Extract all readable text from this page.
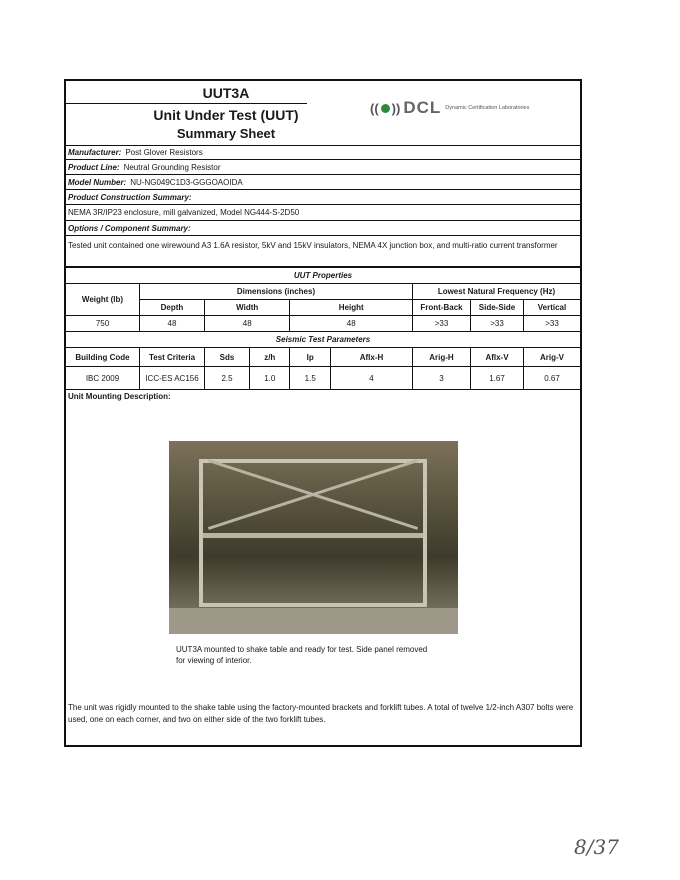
UUT3A
Unit Under Test (UUT)
Summary Sheet
(( )) DCL Dynamic Certification Laboratories
Manufacturer: Post Glover Resistors
Product Line: Neutral Grounding Resistor
Model Number: NU-NG049C1D3-GGGOAOIDA
Product Construction Summary:
NEMA 3R/IP23 enclosure, mill galvanized, Model NG444-S-2D50
Options / Component Summary:
Tested unit contained one wirewound A3 1.6A resistor, 5kV and 15kV insulators, NEMA 4X junction box, and multi-ratio current transformer
UUT Properties								
Weight (lb)	Dimensions (inches)					Lowest Natural Frequency (Hz)		
	Depth	Width		Height		Front-Back	Side-Side	Vertical
750	48	48		48		>33	>33	>33
Seismic Test Parameters								
Building Code	Test Criteria	Sds	z/h	Ip	Aflx-H	Arig-H	Aflx-V	Arig-V
IBC 2009	ICC-ES AC156	2.5	1.0	1.5	4	3	1.67	0.67
Unit Mounting Description:
UUT3A mounted to shake table and ready for test. Side panel removed for viewing of interior.
The unit was rigidly mounted to the shake table using the factory-mounted brackets and forklift tubes. A total of twelve 1/2-inch A307 bolts were used, one on each corner, and two on either side of the two forklift tubes.
8/37
